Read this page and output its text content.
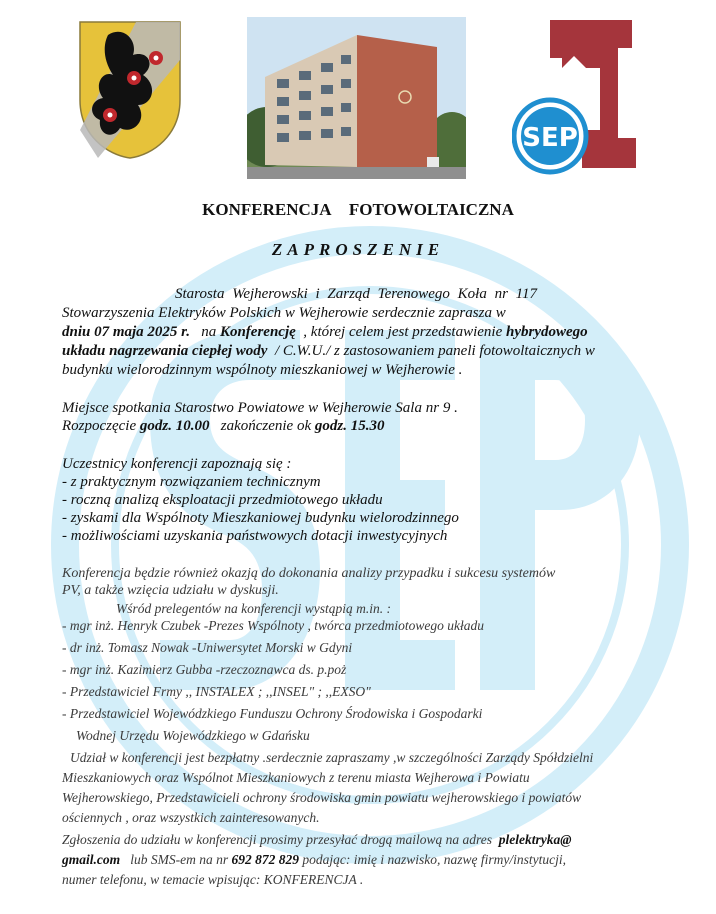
SEP
KONFERENCJA FOTOWOLTAICZNA
ZAPROSZENIE
Starosta Wejherowski i Zarząd Terenowego Koła nr 117
Stowarzyszenia Elektryków Polskich w Wejherowie serdecznie zaprasza w
dniu 07 maja 2025 r. na Konferencję , której celem jest przedstawienie hybrydowego
układu nagrzewania ciepłej wody / C.W.U./ z zastosowaniem paneli fotowoltaicznych w
budynku wielorodzinnym wspólnoty mieszkaniowej w Wejherowie .
Miejsce spotkania Starostwo Powiatowe w Wejherowie Sala nr 9 .
Rozpoczęcie godz. 10.00 zakończenie ok godz. 15.30
Uczestnicy konferencji zapoznają się :
- z praktycznym rozwiązaniem technicznym
- roczną analizą eksploatacji przedmiotowego układu
- zyskami dla Wspólnoty Mieszkaniowej budynku wielorodzinnego
- możliwościami uzyskania państwowych dotacji inwestycyjnych
Konferencja będzie również okazją do dokonania analizy przypadku i sukcesu systemów
PV, a także wzięcia udziału w dyskusji.
Wśród prelegentów na konferencji wystąpią m.in. :
- mgr inż. Henryk Czubek -Prezes Wspólnoty , twórca przedmiotowego układu
- dr inż. Tomasz Nowak -Uniwersytet Morski w Gdyni
- mgr inż. Kazimierz Gubba -rzeczoznawca ds. p.poż
- Przedstawiciel Frmy ,, INSTALEX ; ,,INSEL" ; ,,EXSO"
- Przedstawiciel Wojewódzkiego Funduszu Ochrony Środowiska i Gospodarki
Wodnej Urzędu Wojewódzkiego w Gdańsku
Udział w konferencji jest bezpłatny .serdecznie zapraszamy ,w szczególności Zarządy Spółdzielni
Mieszkaniowych oraz Wspólnot Mieszkaniowych z terenu miasta Wejherowa i Powiatu
Wejherowskiego, Przedstawicieli ochrony środowiska gmin powiatu wejherowskiego i powiatów
ościennych , oraz wszystkich zainteresowanych.
Zgłoszenia do udziału w konferencji prosimy przesyłać drogą mailową na adres plelektryka@
gmail.com lub SMS-em na nr 692 872 829 podając: imię i nazwisko, nazwę firmy/instytucji,
numer telefonu, w temacie wpisując: KONFERENCJA .
